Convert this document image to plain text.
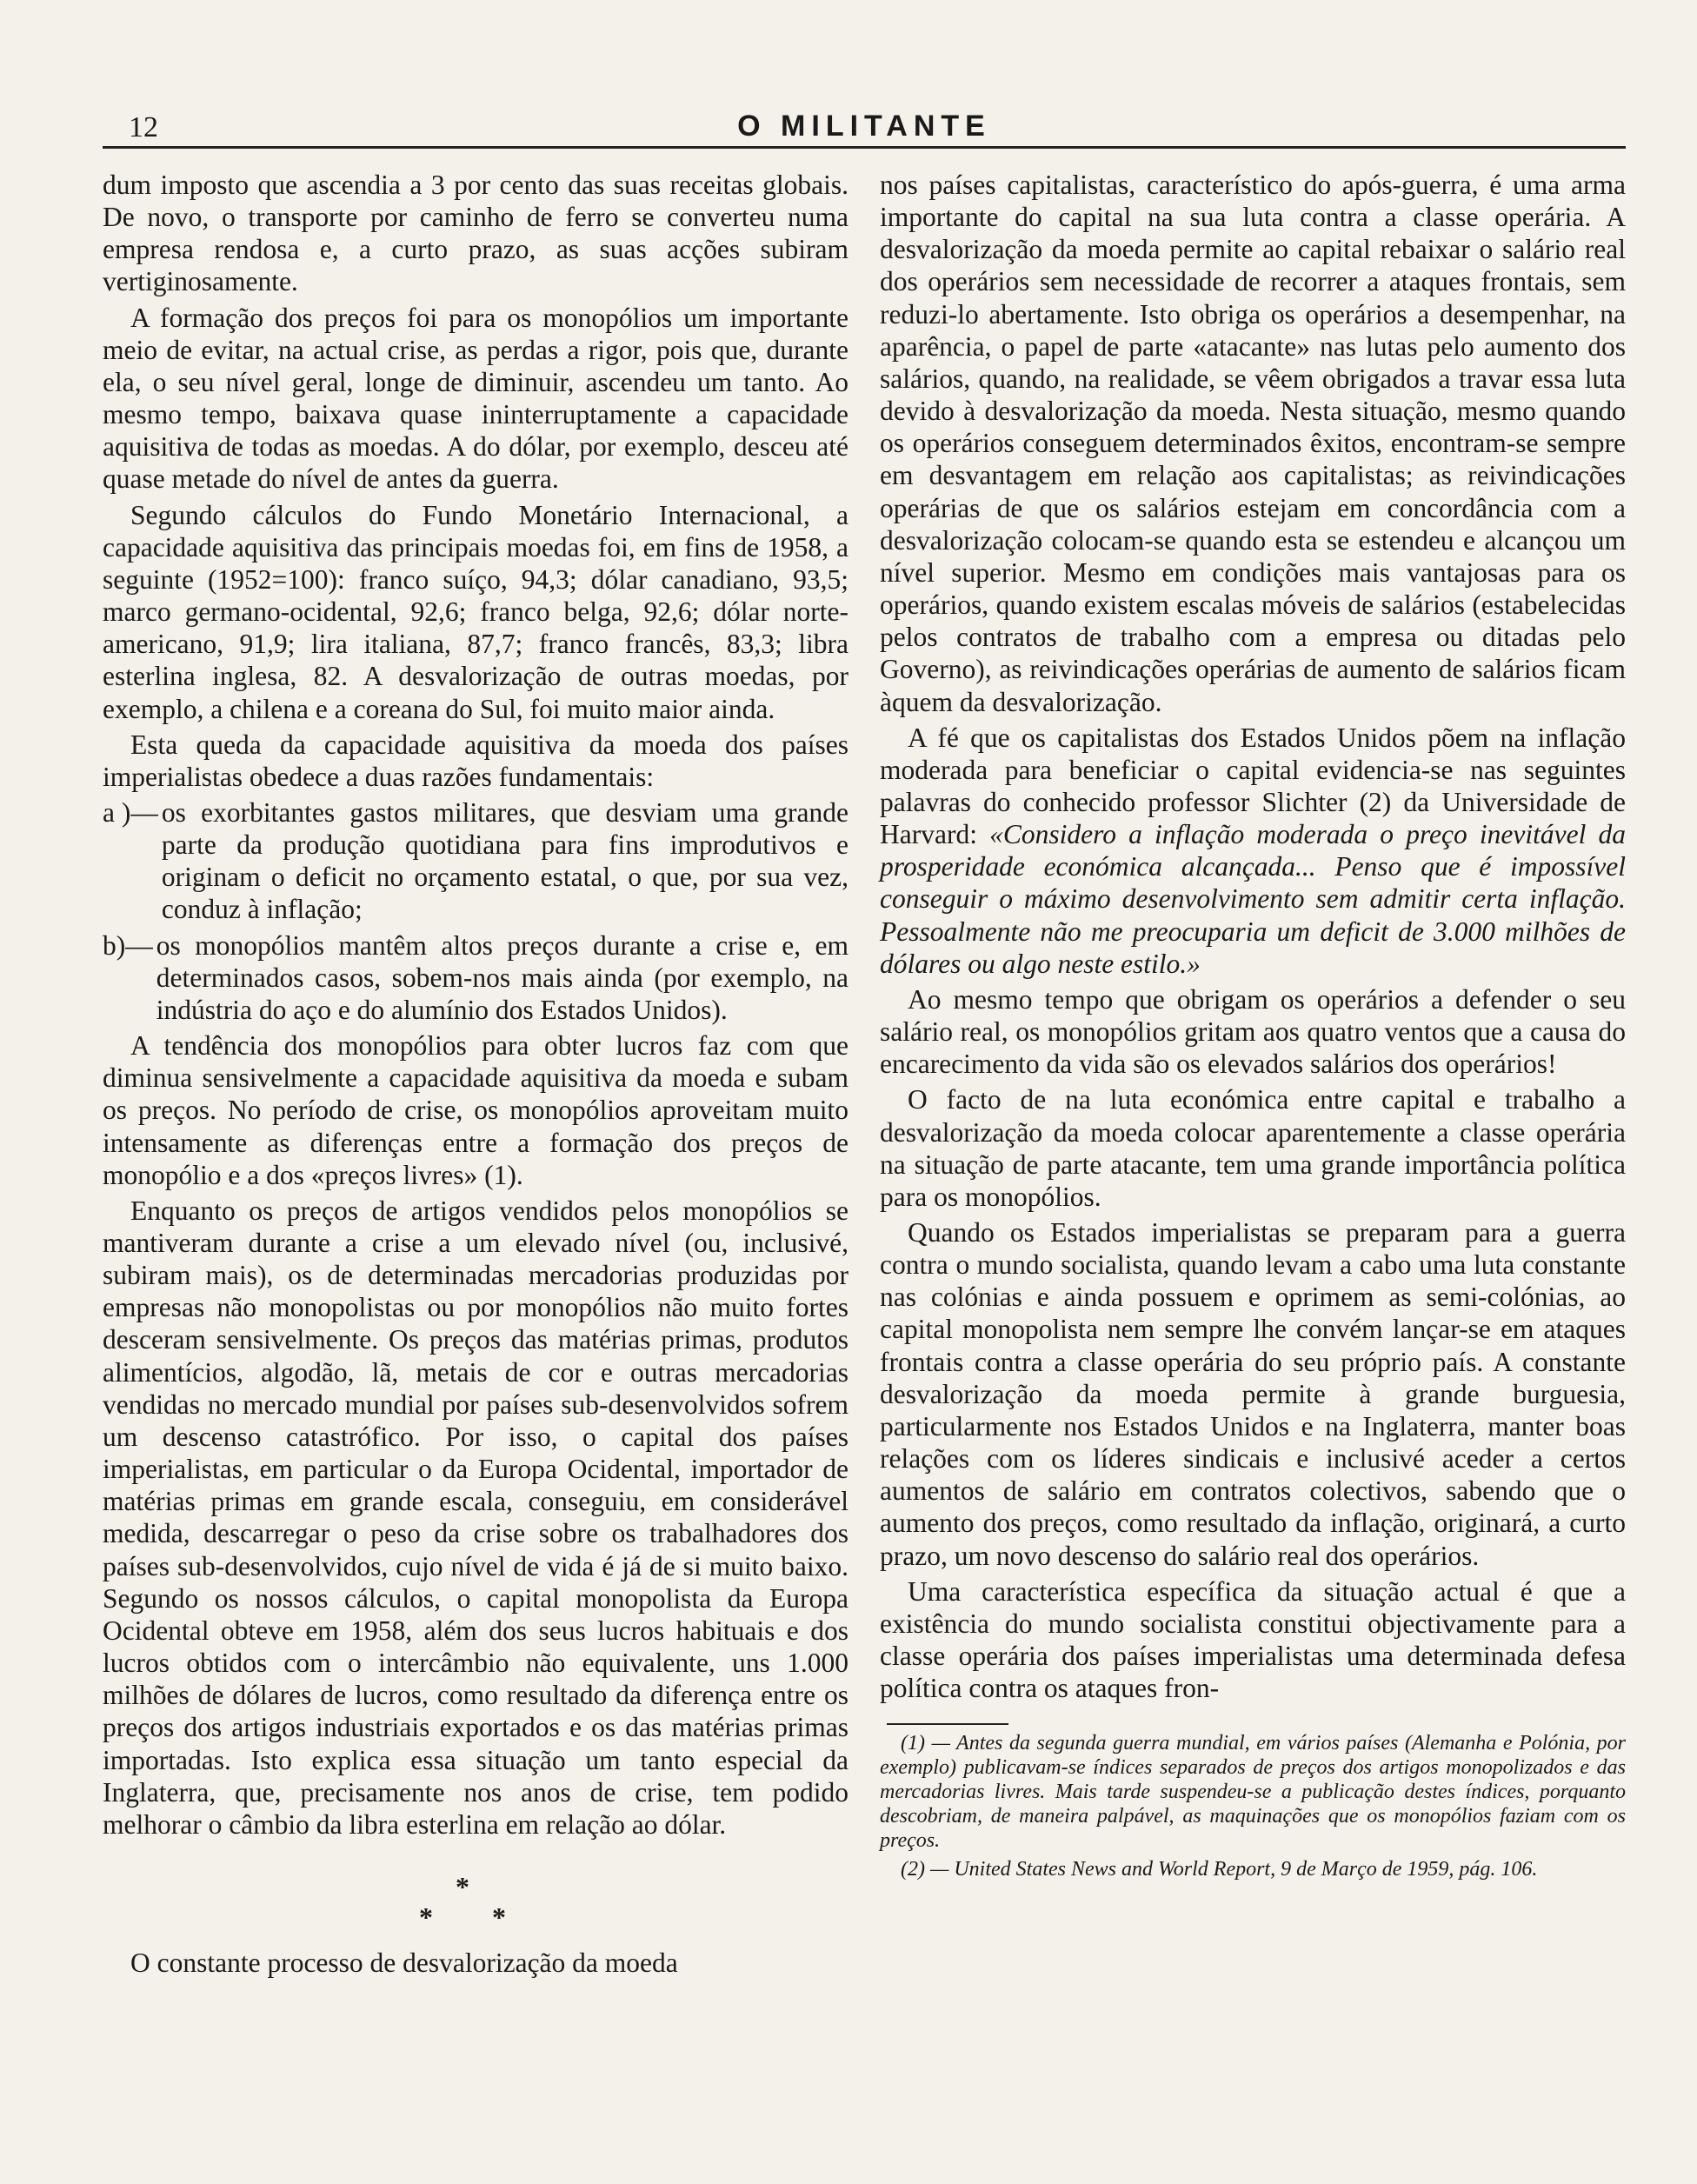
12	O MILITANTE

dum imposto que ascendia a 3 por cento das suas receitas globais. De novo, o transporte por caminho de ferro se converteu numa empresa rendosa e, a curto prazo, as suas acções subiram vertiginosamente.

A formação dos preços foi para os monopólios um importante meio de evitar, na actual crise, as perdas a rigor, pois que, durante ela, o seu nível geral, longe de diminuir, ascendeu um tanto. Ao mesmo tempo, baixava quase ininterruptamente a capacidade aquisitiva de todas as moedas. A do dólar, por exemplo, desceu até quase metade do nível de antes da guerra.

Segundo cálculos do Fundo Monetário Internacional, a capacidade aquisitiva das principais moedas foi, em fins de 1958, a seguinte (1952=100): franco suíço, 94,3; dólar canadiano, 93,5; marco germano-ocidental, 92,6; franco belga, 92,6; dólar norte-americano, 91,9; lira italiana, 87,7; franco francês, 83,3; libra esterlina inglesa, 82. A desvalorização de outras moedas, por exemplo, a chilena e a coreana do Sul, foi muito maior ainda.

Esta queda da capacidade aquisitiva da moeda dos países imperialistas obedece a duas razões fundamentais:

a )— os exorbitantes gastos militares, que desviam uma grande parte da produção quotidiana para fins improdutivos e originam o deficit no orçamento estatal, o que, por sua vez, conduz à inflação;
b)— os monopólios mantêm altos preços durante a crise e, em determinados casos, sobem-nos mais ainda (por exemplo, na indústria do aço e do alumínio dos Estados Unidos).

A tendência dos monopólios para obter lucros faz com que diminua sensivelmente a capacidade aquisitiva da moeda e subam os preços. No período de crise, os monopólios aproveitam muito intensamente as diferenças entre a formação dos preços de monopólio e a dos «preços livres» (1).

Enquanto os preços de artigos vendidos pelos monopólios se mantiveram durante a crise a um elevado nível (ou, inclusivé, subiram mais), os de determinadas mercadorias produzidas por empresas não monopolistas ou por monopólios não muito fortes desceram sensivelmente. Os preços das matérias primas, produtos alimentícios, algodão, lã, metais de cor e outras mercadorias vendidas no mercado mundial por países sub-desenvolvidos sofrem um descenso catastrófico. Por isso, o capital dos países imperialistas, em particular o da Europa Ocidental, importador de matérias primas em grande escala, conseguiu, em considerável medida, descarregar o peso da crise sobre os trabalhadores dos países sub-desenvolvidos, cujo nível de vida é já de si muito baixo. Segundo os nossos cálculos, o capital monopolista da Europa Ocidental obteve em 1958, além dos seus lucros habituais e dos lucros obtidos com o intercâmbio não equivalente, uns 1.000 milhões de dólares de lucros, como resultado da diferença entre os preços dos artigos industriais exportados e os das matérias primas importadas. Isto explica essa situação um tanto especial da Inglaterra, que, precisamente nos anos de crise, tem podido melhorar o câmbio da libra esterlina em relação ao dólar.

*
* *

O constante processo de desvalorização da moeda

nos países capitalistas, característico do após-guerra, é uma arma importante do capital na sua luta contra a classe operária. A desvalorização da moeda permite ao capital rebaixar o salário real dos operários sem necessidade de recorrer a ataques frontais, sem reduzi-lo abertamente. Isto obriga os operários a desempenhar, na aparência, o papel de parte «atacante» nas lutas pelo aumento dos salários, quando, na realidade, se vêem obrigados a travar essa luta devido à desvalorização da moeda. Nesta situação, mesmo quando os operários conseguem determinados êxitos, encontram-se sempre em desvantagem em relação aos capitalistas; as reivindicações operárias de que os salários estejam em concordância com a desvalorização colocam-se quando esta se estendeu e alcançou um nível superior. Mesmo em condições mais vantajosas para os operários, quando existem escalas móveis de salários (estabelecidas pelos contratos de trabalho com a empresa ou ditadas pelo Governo), as reivindicações operárias de aumento de salários ficam àquem da desvalorização.

A fé que os capitalistas dos Estados Unidos põem na inflação moderada para beneficiar o capital evidencia-se nas seguintes palavras do conhecido professor Slichter (2) da Universidade de Harvard: «Considero a inflação moderada o preço inevitável da prosperidade económica alcançada... Penso que é impossível conseguir o máximo desenvolvimento sem admitir certa inflação. Pessoalmente não me preocuparia um deficit de 3.000 milhões de dólares ou algo neste estilo.»

Ao mesmo tempo que obrigam os operários a defender o seu salário real, os monopólios gritam aos quatro ventos que a causa do encarecimento da vida são os elevados salários dos operários!

O facto de na luta económica entre capital e trabalho a desvalorização da moeda colocar aparentemente a classe operária na situação de parte atacante, tem uma grande importância política para os monopólios.

Quando os Estados imperialistas se preparam para a guerra contra o mundo socialista, quando levam a cabo uma luta constante nas colónias e ainda possuem e oprimem as semi-colónias, ao capital monopolista nem sempre lhe convém lançar-se em ataques frontais contra a classe operária do seu próprio país. A constante desvalorização da moeda permite à grande burguesia, particularmente nos Estados Unidos e na Inglaterra, manter boas relações com os líderes sindicais e inclusivé aceder a certos aumentos de salário em contratos colectivos, sabendo que o aumento dos preços, como resultado da inflação, originará, a curto prazo, um novo descenso do salário real dos operários.

Uma característica específica da situação actual é que a existência do mundo socialista constitui objectivamente para a classe operária dos países imperialistas uma determinada defesa política contra os ataques fron-

(1) — Antes da segunda guerra mundial, em vários países (Alemanha e Polónia, por exemplo) publicavam-se índices separados de preços dos artigos monopolizados e das mercadorias livres. Mais tarde suspendeu-se a publicação destes índices, porquanto descobriam, de maneira palpável, as maquinações que os monopólios faziam com os preços.

(2) — United States News and World Report, 9 de Março de 1959, pág. 106.
